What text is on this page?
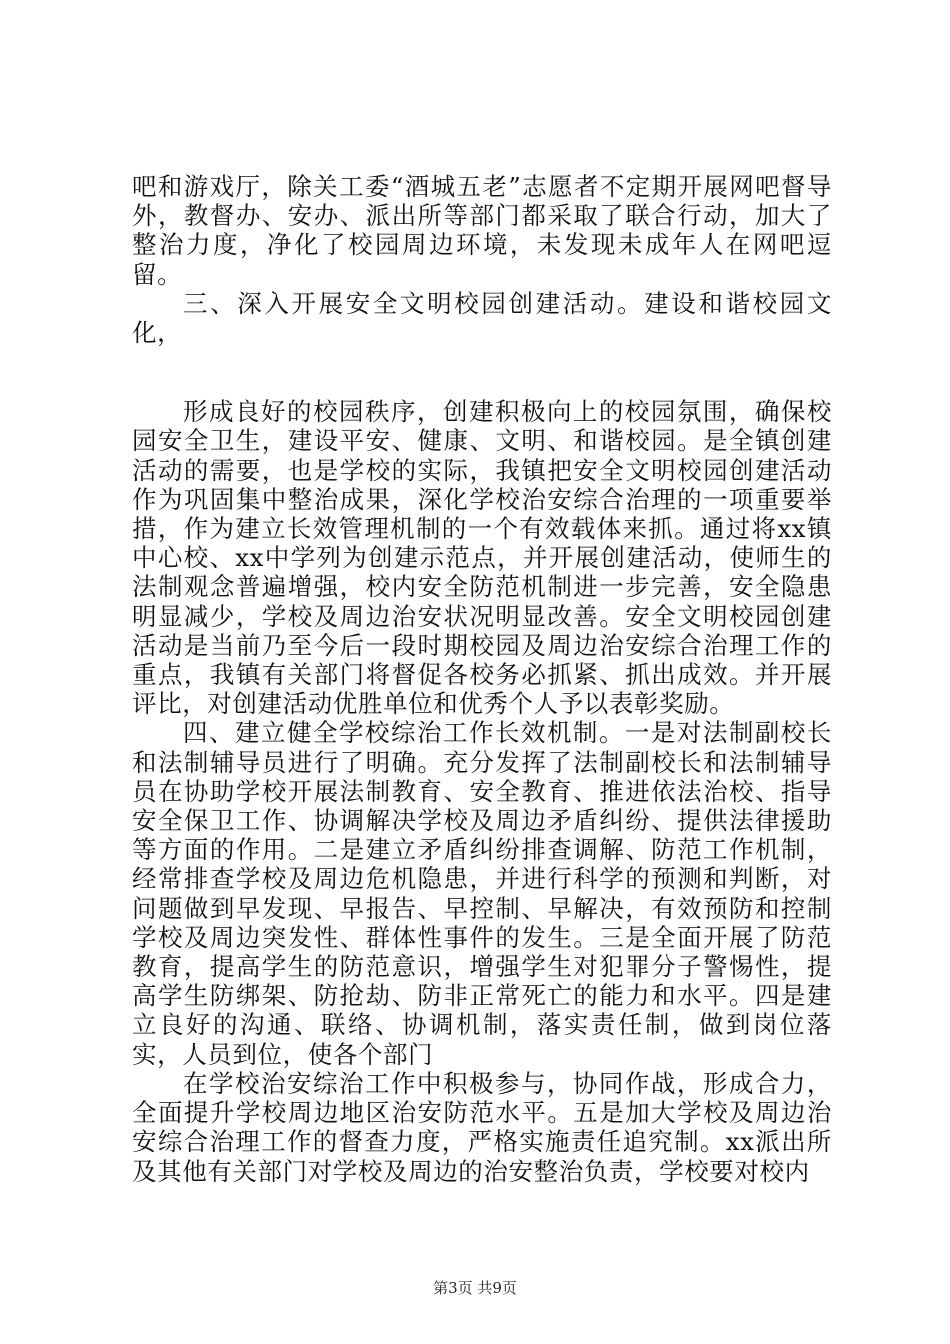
吧和游戏厅，除关工委“酒城五老”志愿者不定期开展网吧督导外，教督办、安办、派出所等部门都采取了联合行动，加大了整治力度，净化了校园周边环境，未发现未成年人在网吧逗留。

三、深入开展安全文明校园创建活动。建设和谐校园文化，

形成良好的校园秩序，创建积极向上的校园氛围，确保校园安全卫生，建设平安、健康、文明、和谐校园。是全镇创建活动的需要，也是学校的实际，我镇把安全文明校园创建活动作为巩固集中整治成果，深化学校治安综合治理的一项重要举措，作为建立长效管理机制的一个有效载体来抓。通过将xx镇中心校、xx中学列为创建示范点，并开展创建活动，使师生的法制观念普遍增强，校内安全防范机制进一步完善，安全隐患明显减少，学校及周边治安状况明显改善。安全文明校园创建活动是当前乃至今后一段时期校园及周边治安综合治理工作的重点，我镇有关部门将督促各校务必抓紧、抓出成效。并开展评比，对创建活动优胜单位和优秀个人予以表彰奖励。

四、建立健全学校综治工作长效机制。一是对法制副校长和法制辅导员进行了明确。充分发挥了法制副校长和法制辅导员在协助学校开展法制教育、安全教育、推进依法治校、指导安全保卫工作、协调解决学校及周边矛盾纠纷、提供法律援助等方面的作用。二是建立矛盾纠纷排查调解、防范工作机制，经常排查学校及周边危机隐患，并进行科学的预测和判断，对问题做到早发现、早报告、早控制、早解决，有效预防和控制学校及周边突发性、群体性事件的发生。三是全面开展了防范教育，提高学生的防范意识，增强学生对犯罪分子警惕性，提高学生防绑架、防抢劫、防非正常死亡的能力和水平。四是建立良好的沟通、联络、协调机制，落实责任制，做到岗位落实，人员到位，使各个部门

在学校治安综治工作中积极参与，协同作战，形成合力，全面提升学校周边地区治安防范水平。五是加大学校及周边治安综合治理工作的督查力度，严格实施责任追究制。xx派出所及其他有关部门对学校及周边的治安整治负责，学校要对校内

第3页 共9页
